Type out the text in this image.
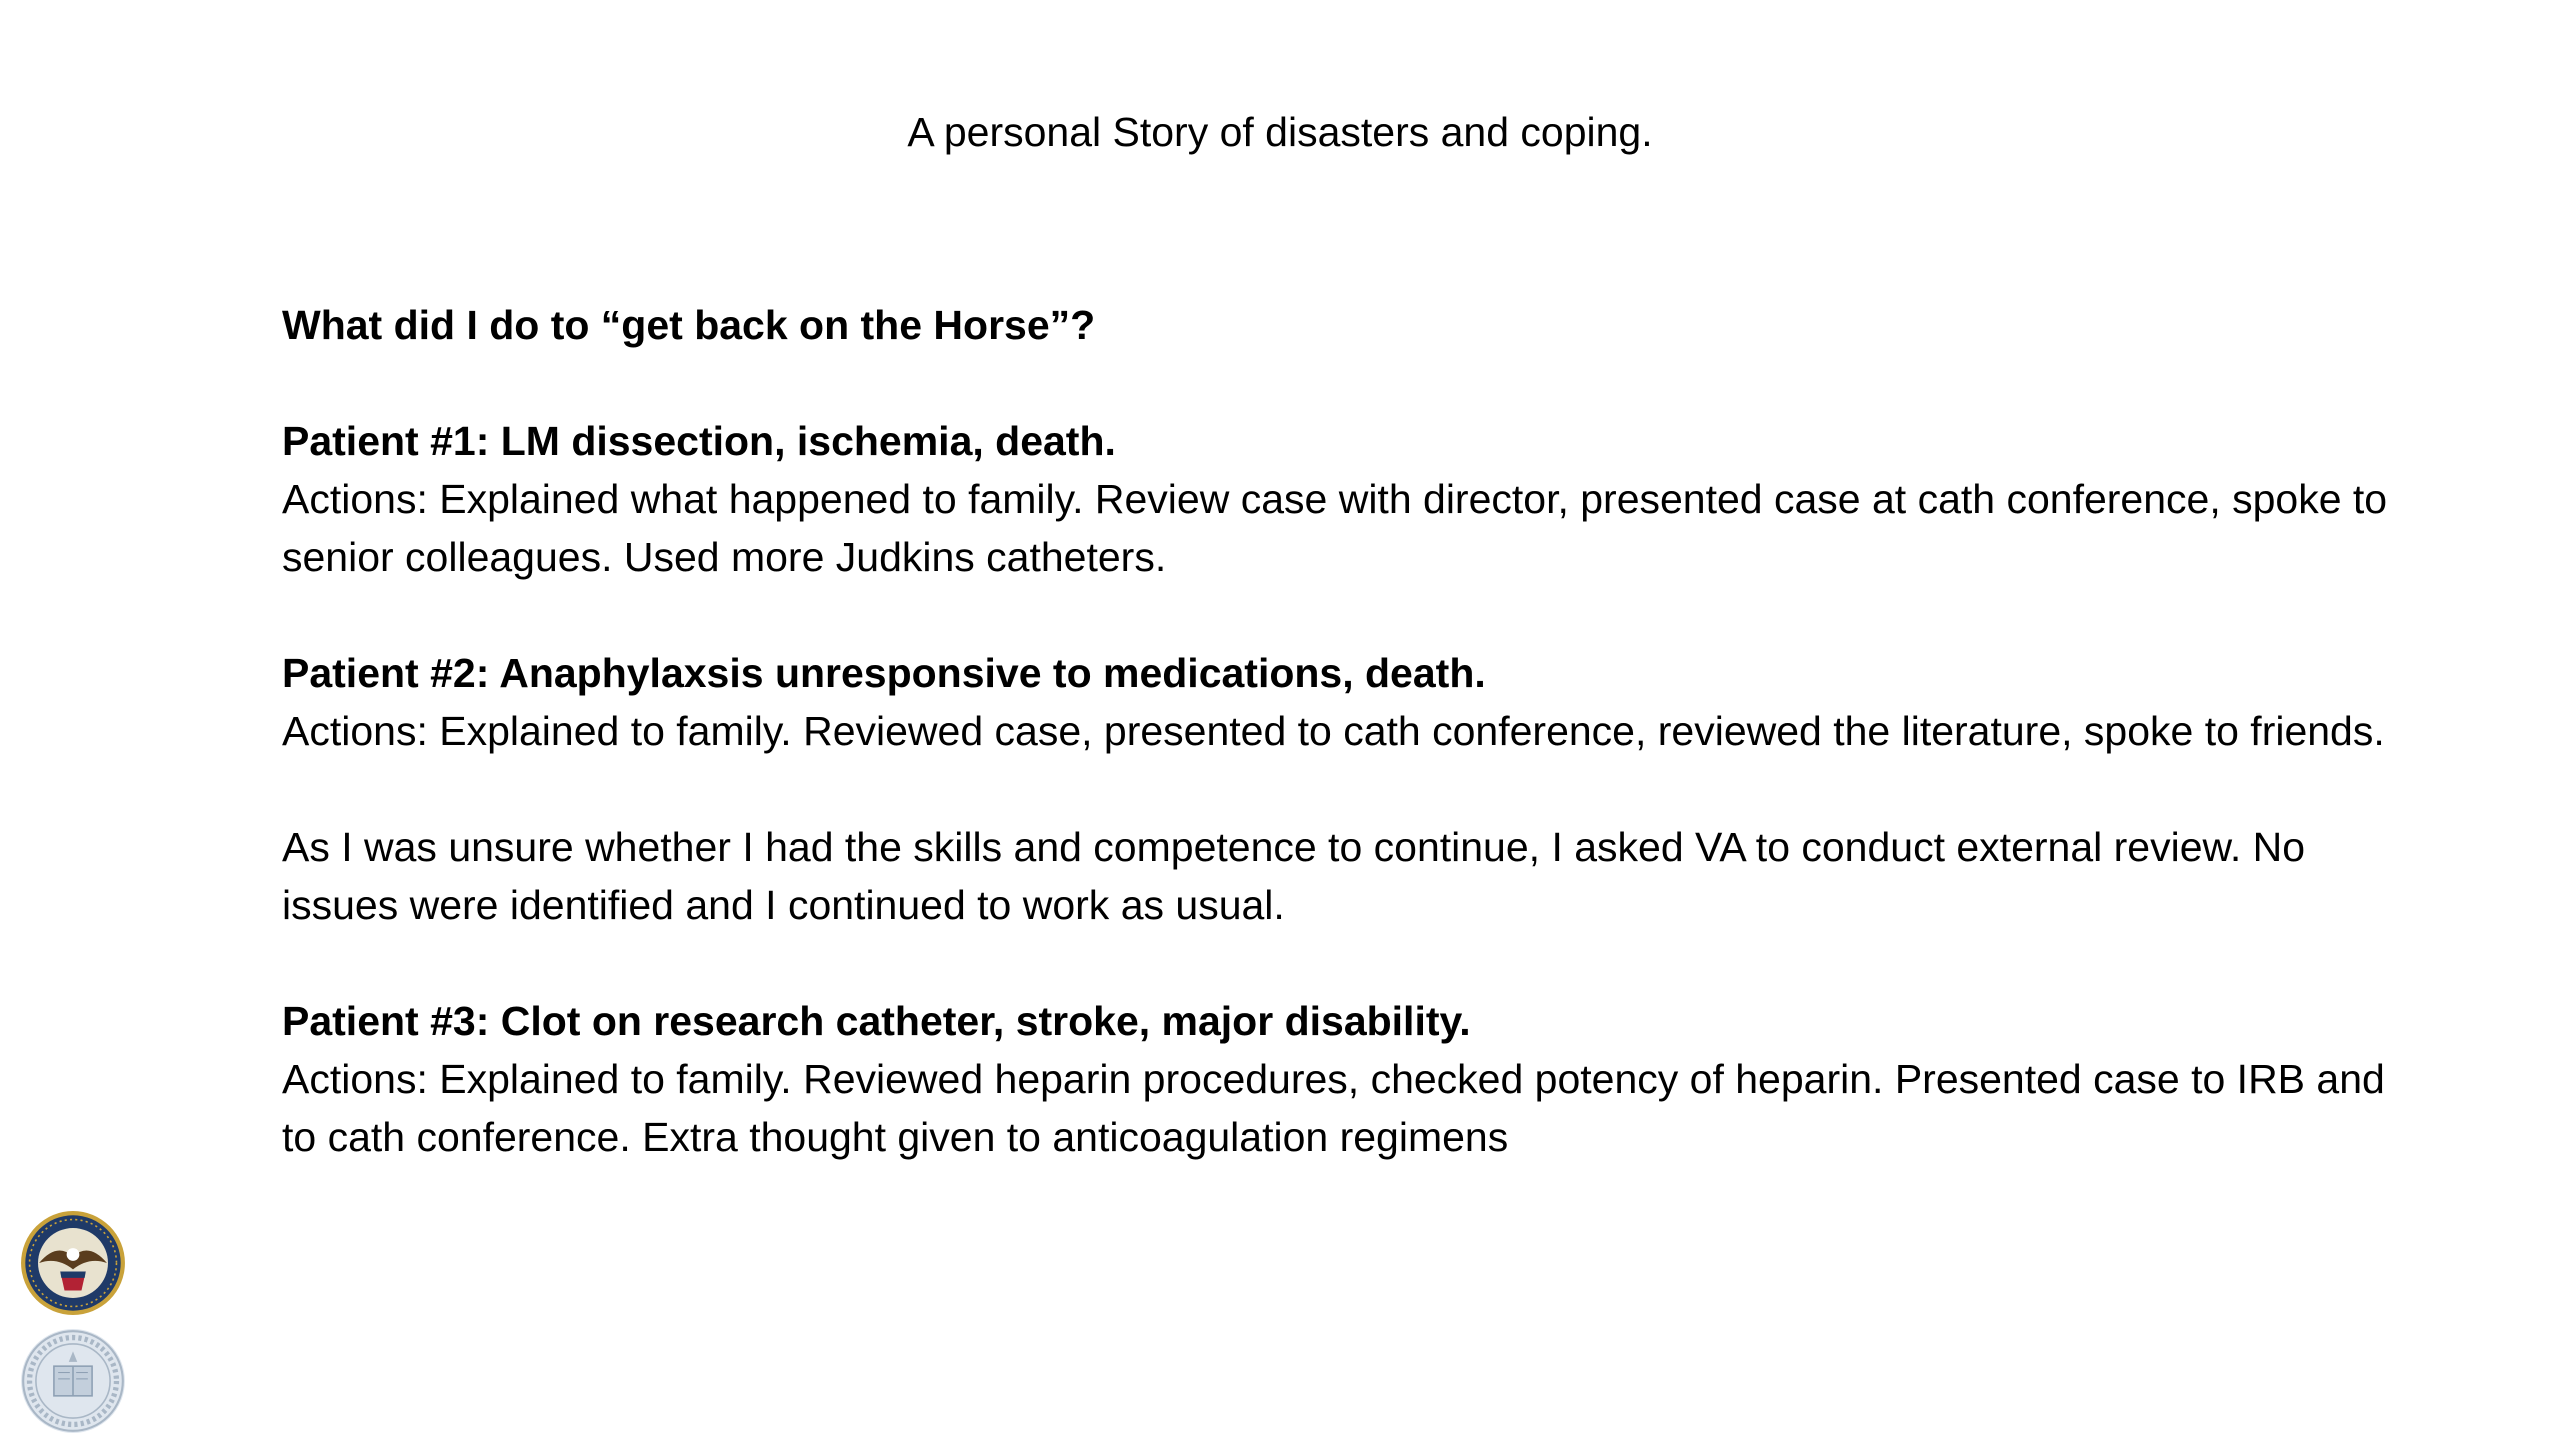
A personal Story of disasters and coping.

What did I do to “get back on the Horse”?

Patient #1: LM dissection, ischemia, death.

Actions: Explained what happened to family. Review case with director, presented case at cath conference, spoke to senior colleagues. Used more Judkins catheters.

Patient #2: Anaphylaxsis unresponsive to medications, death.

Actions: Explained to family. Reviewed case, presented to cath conference, reviewed the literature, spoke to friends.

As I was unsure whether I had the skills and competence to continue, I asked VA to conduct external review. No issues were identified and I continued to work as usual.

Patient #3: Clot on research catheter, stroke, major disability.

Actions: Explained to family. Reviewed heparin procedures, checked potency of heparin. Presented case to IRB and to cath conference. Extra thought given to anticoagulation regimens
